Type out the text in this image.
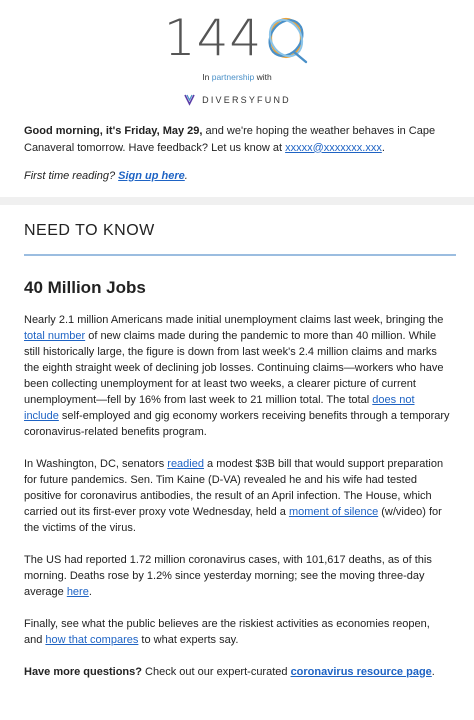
144
In partnership with
DIVERSYFUND

Good morning, it's Friday, May 29, and we're hoping the weather behaves in Cape Canaveral tomorrow. Have feedback? Let us know at xxxxx@xxxxxxx.xxx.

First time reading? Sign up here.

NEED TO KNOW
40 Million Jobs

Nearly 2.1 million Americans made initial unemployment claims last week, bringing the total number of new claims made during the pandemic to more than 40 million. While still historically large, the figure is down from last week's 2.4 million claims and marks the eighth straight week of declining job losses. Continuing claims—workers who have been collecting unemployment for at least two weeks, a clearer picture of current unemployment—fell by 16% from last week to 21 million total. The total does not include self-employed and gig economy workers receiving benefits through a temporary coronavirus-related benefits program.

In Washington, DC, senators readied a modest $3B bill that would support preparation for future pandemics. Sen. Tim Kaine (D-VA) revealed he and his wife had tested positive for coronavirus antibodies, the result of an April infection. The House, which carried out its first-ever proxy vote Wednesday, held a moment of silence (w/video) for the victims of the virus.

The US had reported 1.72 million coronavirus cases, with 101,617 deaths, as of this morning. Deaths rose by 1.2% since yesterday morning; see the moving three-day average here.

Finally, see what the public believes are the riskiest activities as economies reopen, and how that compares to what experts say.

Have more questions? Check out our expert-curated coronavirus resource page.
